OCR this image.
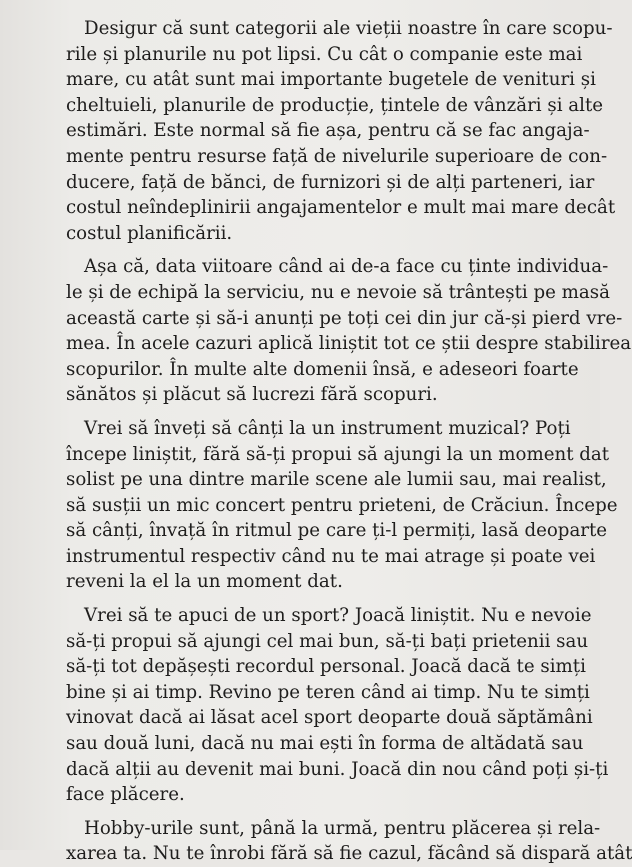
Desigur că sunt categorii ale vieții noastre în care scopu-
rile și planurile nu pot lipsi. Cu cât o companie este mai
mare, cu atât sunt mai importante bugetele de venituri și
cheltuieli, planurile de producție, țintele de vânzări și alte
estimări. Este normal să fie așa, pentru că se fac angaja-
mente pentru resurse față de nivelurile superioare de con-
ducere, față de bănci, de furnizori și de alți parteneri, iar
costul neîndeplinirii angajamentelor e mult mai mare decât
costul planificării.

Așa că, data viitoare când ai de-a face cu ținte individua-
le și de echipă la serviciu, nu e nevoie să trântești pe masă
această carte și să-i anunți pe toți cei din jur că-și pierd vre-
mea. În acele cazuri aplică liniștit tot ce știi despre stabilirea
scopurilor. În multe alte domenii însă, e adeseori foarte
sănătos și plăcut să lucrezi fără scopuri.

Vrei să înveți să cânți la un instrument muzical? Poți
începe liniștit, fără să-ți propui să ajungi la un moment dat
solist pe una dintre marile scene ale lumii sau, mai realist,
să susții un mic concert pentru prieteni, de Crăciun. Începe
să cânți, învață în ritmul pe care ți-l permiți, lasă deoparte
instrumentul respectiv când nu te mai atrage și poate vei
reveni la el la un moment dat.

Vrei să te apuci de un sport? Joacă liniștit. Nu e nevoie
să-ți propui să ajungi cel mai bun, să-ți bați prietenii sau
să-ți tot depășești recordul personal. Joacă dacă te simți
bine și ai timp. Revino pe teren când ai timp. Nu te simți
vinovat dacă ai lăsat acel sport deoparte două săptămâni
sau două luni, dacă nu mai ești în forma de altădată sau
dacă alții au devenit mai buni. Joacă din nou când poți și-ți
face plăcere.

Hobby-urile sunt, până la urmă, pentru plăcerea și rela-
xarea ta. Nu te înrobi fără să fie cazul, făcând să dispară atât
